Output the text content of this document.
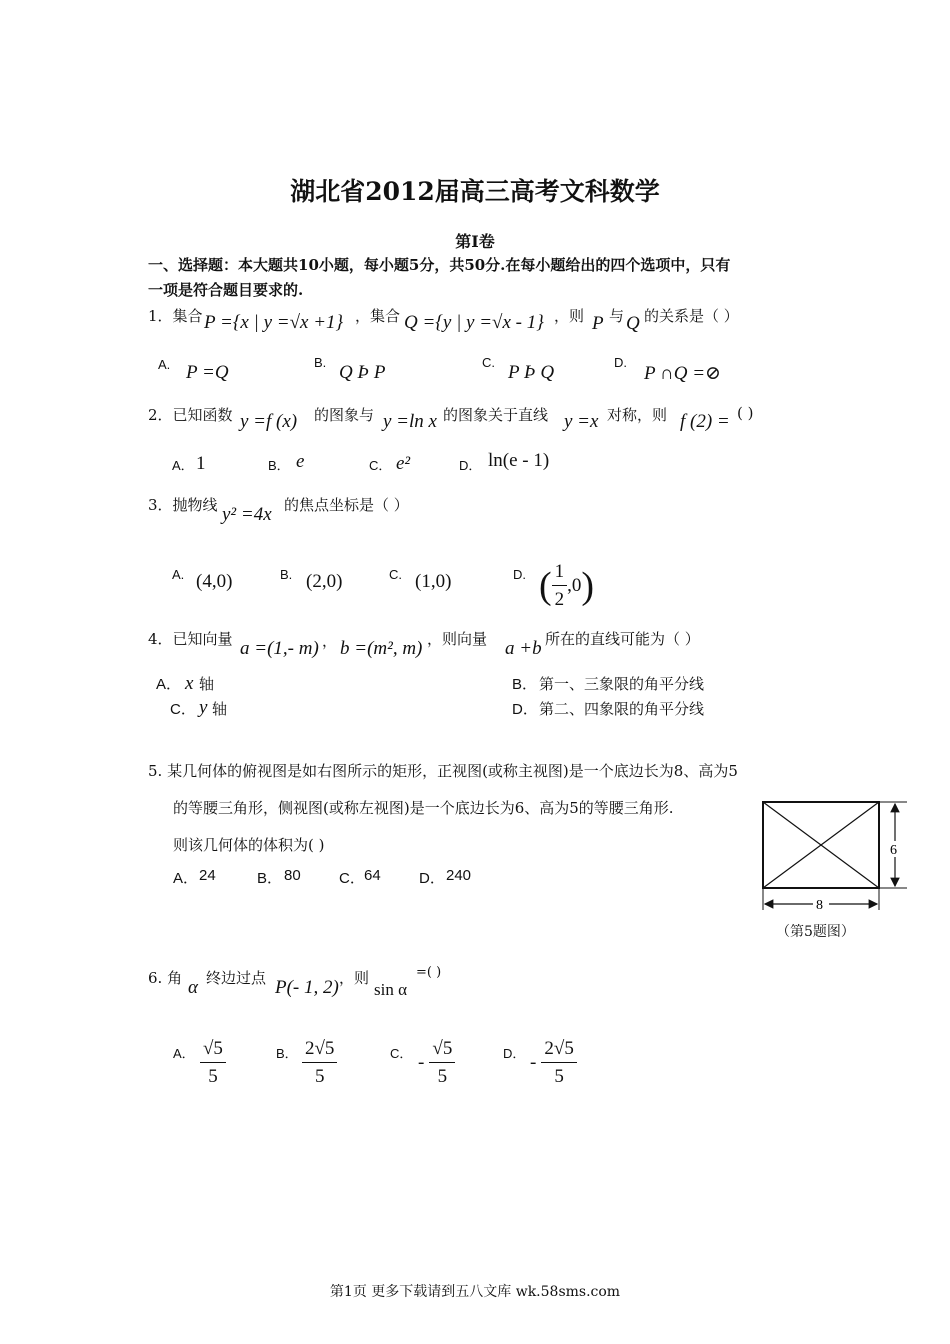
湖北省2012届高三高考文科数学
第Ⅰ卷
一、选择题：本大题共10小题，每小题5分，共50分.在每小题给出的四个选项中，只有
一项是符合题目要求的.
1．集合 P ={x | y =√x +1} ，集合 Q ={y | y =√x - 1} ，则 P 与 Q 的关系是（ ）
A. P =Q	B. Q Þ P	C. P Þ Q	D.
P ∩Q =⊘
2．已知函数 y =f (x) 的图象与 y =ln x 的图象关于直线 y =x 对称，则 f (2) = ( )
A． 1	B． e	C． e²	D． ln(e - 1)
3．抛物线 y² =4x 的焦点坐标是（ ）
A. (4,0)	B. (2,0)	C. (1,0)	D. ( $\frac{1}{2} ,0$)
4．已知向量 a =(1,- m) ， b =(m², m) ，则向量 a +b 所在的直线可能为（ ）
A． x 轴	B． 第一、三象限的角平分线
C． y 轴	D． 第二、四象限的角平分线
5. 某几何体的俯视图是如右图所示的矩形，正视图(或称主视图)是一个底边长为8、高为5
的等腰三角形，侧视图(或称左视图)是一个底边长为6、高为5的等腰三角形.
则该几何体的体积为( )
A． 24	B． 80	C． 64	D． 240
6
8
（第5题图）
6. 角 α 终边过点 P(- 1, 2) ，则
sin α
=( )
A． $\frac{√5}{5}$	B． $\frac{2√5}{5}$	C． - $\frac{√5}{5}$	D． - $\frac{2√5}{5}$
第1页 更多下载请到五八文库 wk.58sms.com
